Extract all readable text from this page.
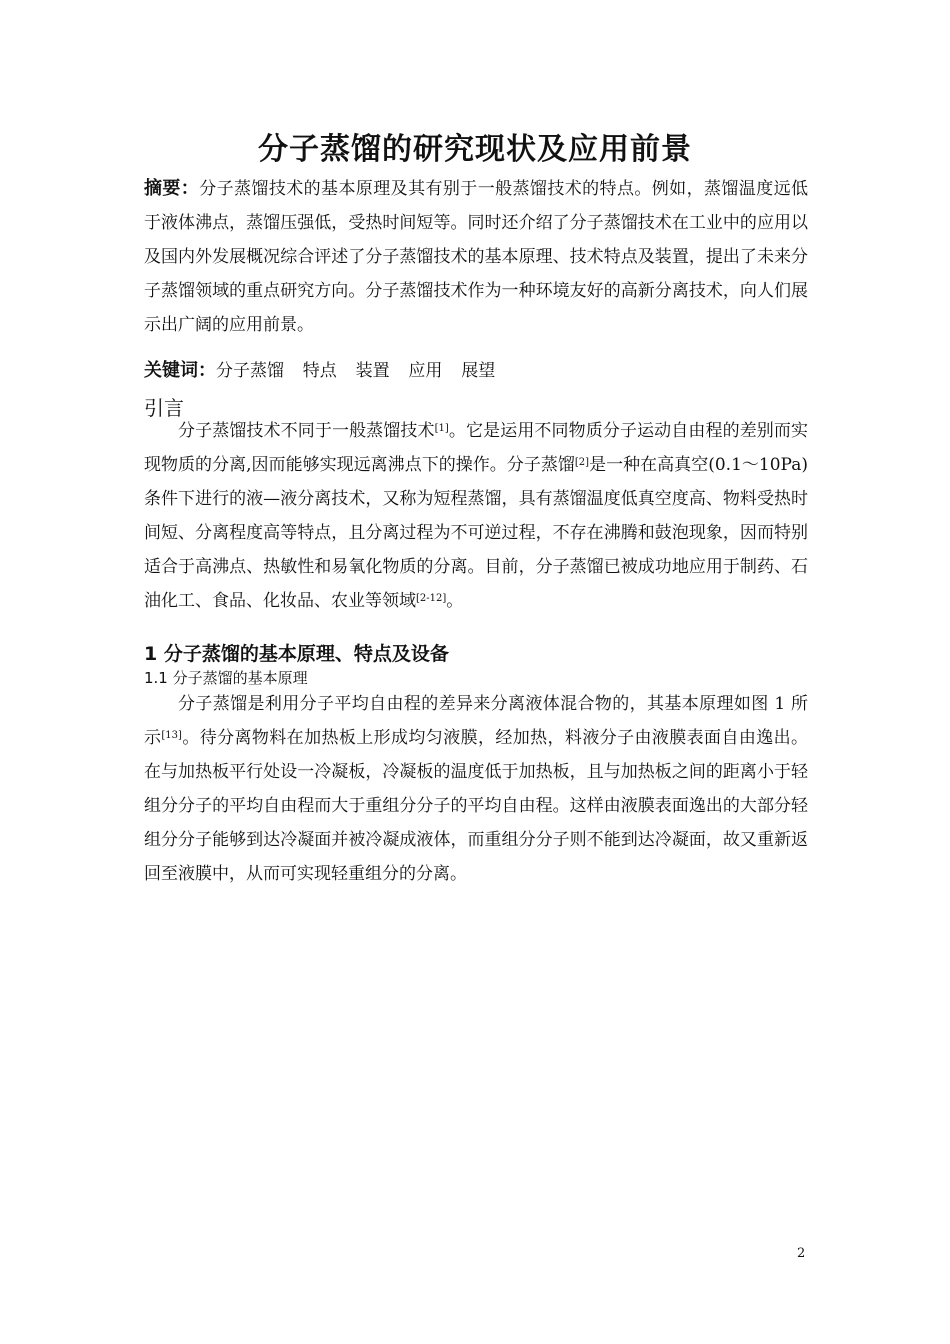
分子蒸馏的研究现状及应用前景

摘要：分子蒸馏技术的基本原理及其有别于一般蒸馏技术的特点。例如，蒸馏温度远低于液体沸点，蒸馏压强低，受热时间短等。同时还介绍了分子蒸馏技术在工业中的应用以及国内外发展概况综合评述了分子蒸馏技术的基本原理、技术特点及装置，提出了未来分子蒸馏领域的重点研究方向。分子蒸馏技术作为一种环境友好的高新分离技术，向人们展示出广阔的应用前景。

关键词：分子蒸馏  特点  装置  应用  展望

引言

分子蒸馏技术不同于一般蒸馏技术[1]。它是运用不同物质分子运动自由程的差别而实现物质的分离,因而能够实现远离沸点下的操作。分子蒸馏[2]是一种在高真空(0.1～10Pa)条件下进行的液—液分离技术，又称为短程蒸馏，具有蒸馏温度低真空度高、物料受热时间短、分离程度高等特点，且分离过程为不可逆过程，不存在沸腾和鼓泡现象，因而特别适合于高沸点、热敏性和易氧化物质的分离。目前，分子蒸馏已被成功地应用于制药、石油化工、食品、化妆品、农业等领域[2-12]。

1 分子蒸馏的基本原理、特点及设备
1.1 分子蒸馏的基本原理

分子蒸馏是利用分子平均自由程的差异来分离液体混合物的，其基本原理如图 1 所示[13]。待分离物料在加热板上形成均匀液膜，经加热，料液分子由液膜表面自由逸出。在与加热板平行处设一冷凝板，冷凝板的温度低于加热板，且与加热板之间的距离小于轻组分分子的平均自由程而大于重组分分子的平均自由程。这样由液膜表面逸出的大部分轻组分分子能够到达冷凝面并被冷凝成液体，而重组分分子则不能到达冷凝面，故又重新返回至液膜中，从而可实现轻重组分的分离。

2
